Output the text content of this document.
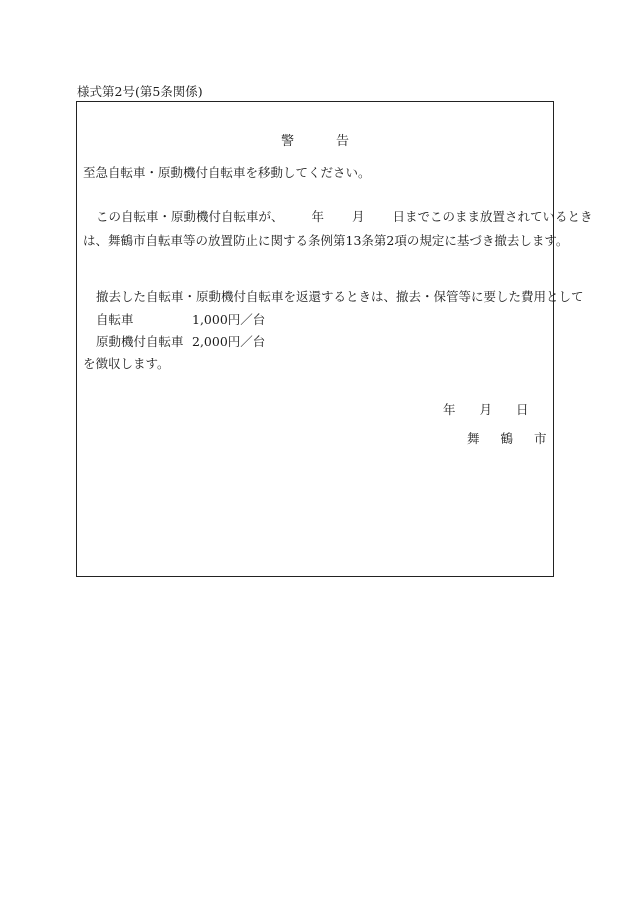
様式第2号(第5条関係)
警	告
至急自転車・原動機付自転車を移動してください。
この自転車・原動機付自転車が、 年 月 日までこのまま放置されているとき
は、舞鶴市自転車等の放置防止に関する条例第13条第2項の規定に基づき撤去します。
撤去した自転車・原動機付自転車を返還するときは、撤去・保管等に要した費用として
自転車	1,000円／台
原動機付自転車 2,000円／台
を徴収します。
年 月 日
舞 鶴 市
